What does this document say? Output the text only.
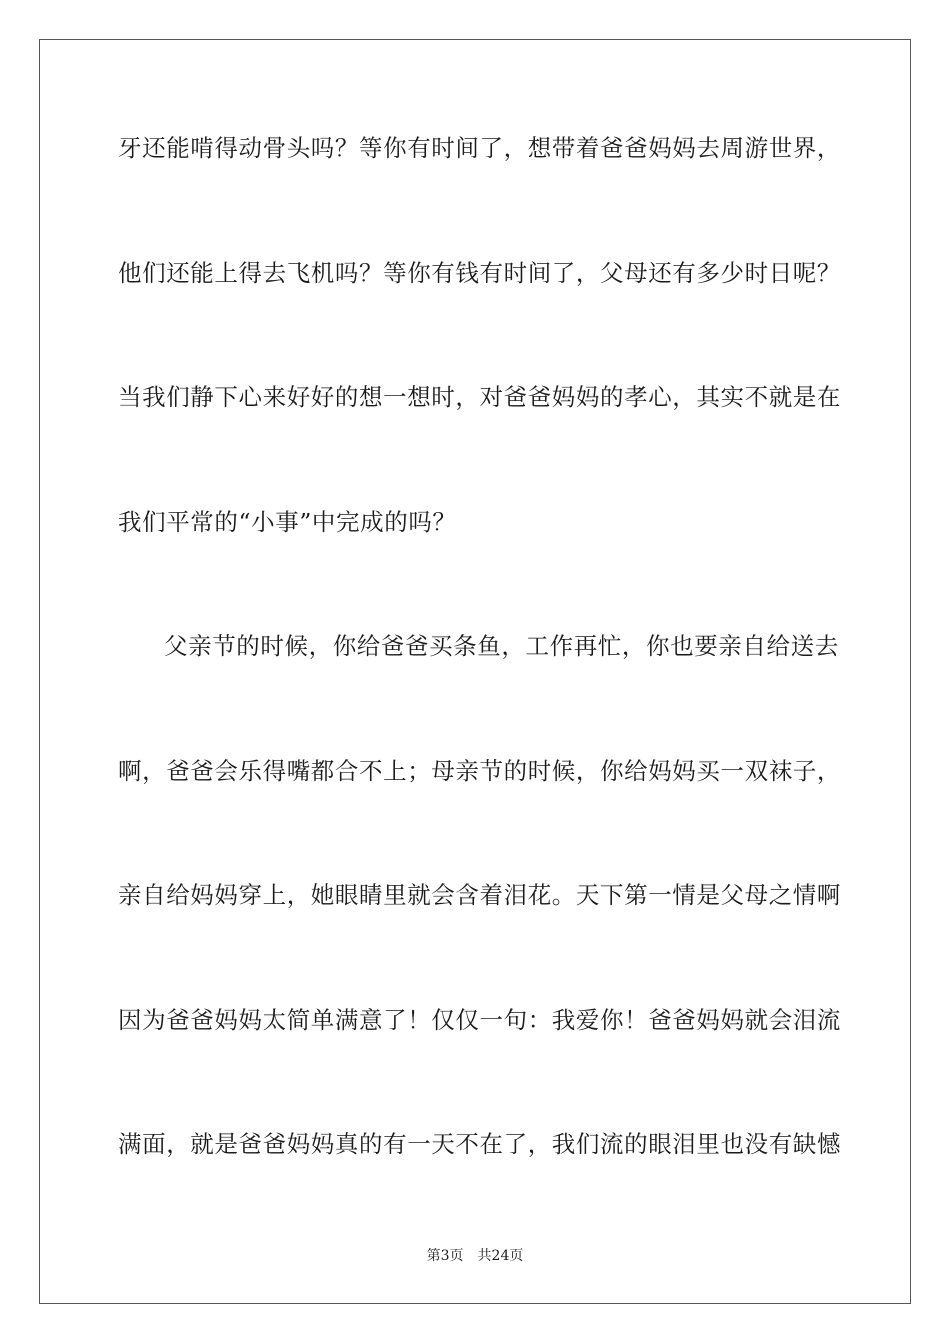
牙还能啃得动骨头吗？等你有时间了，想带着爸爸妈妈去周游世界，
他们还能上得去飞机吗？等你有钱有时间了，父母还有多少时日呢？
当我们静下心来好好的想一想时，对爸爸妈妈的孝心，其实不就是在
我们平常的“小事”中完成的吗？
父亲节的时候，你给爸爸买条鱼，工作再忙，你也要亲自给送去
啊，爸爸会乐得嘴都合不上；母亲节的时候，你给妈妈买一双袜子，
亲自给妈妈穿上，她眼睛里就会含着泪花。天下第一情是父母之情啊
因为爸爸妈妈太简单满意了！仅仅一句：我爱你！爸爸妈妈就会泪流
满面，就是爸爸妈妈真的有一天不在了，我们流的眼泪里也没有缺憾
第3页 共24页
